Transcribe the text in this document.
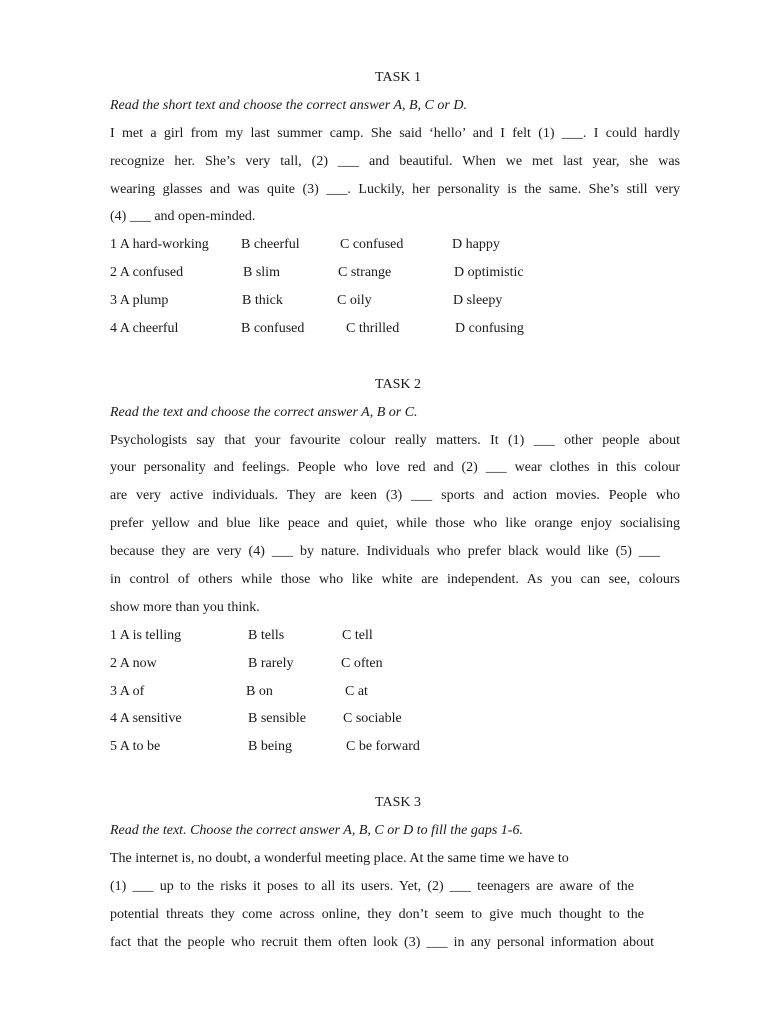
TASK 1
Read the short text and choose the correct answer A, B, C or D.
I met a girl from my last summer camp. She said ‘hello’ and I felt (1) ___. I could hardly
recognize her. She’s very tall, (2) ___ and beautiful. When we met last year, she was
wearing glasses and was quite (3) ___. Luckily, her personality is the same. She’s still very
(4) ___ and open-minded.
1 A hard-working B cheerful	C confused	D happy
2 A confused	B slim	C strange	D optimistic
3 A plump	B thick	C oily	D sleepy
4 A cheerful	B confused	C thrilled	D confusing
TASK 2
Read the text and choose the correct answer A, B or C.
Psychologists say that your favourite colour really matters. It (1) ___ other people about
your personality and feelings. People who love red and (2) ___ wear clothes in this colour
are very active individuals. They are keen (3) ___ sports and action movies. People who
prefer yellow and blue like peace and quiet, while those who like orange enjoy socialising
because they are very (4) ___ by nature. Individuals who prefer black would like (5) ___
in control of others while those who like white are independent. As you can see, colours
show more than you think.
1 A is telling	B tells	C tell
2 A now	B rarely	C often
3 A of	B on	C at
4 A sensitive	B sensible	C sociable
5 A to be	B being	C be forward
TASK 3
Read the text. Choose the correct answer A, B, C or D to fill the gaps 1-6.
The internet is, no doubt, a wonderful meeting place. At the same time we have to
(1) ___ up to the risks it poses to all its users. Yet, (2) ___ teenagers are aware of the
potential threats they come across online, they don’t seem to give much thought to the
fact that the people who recruit them often look (3) ___ in any personal information about
